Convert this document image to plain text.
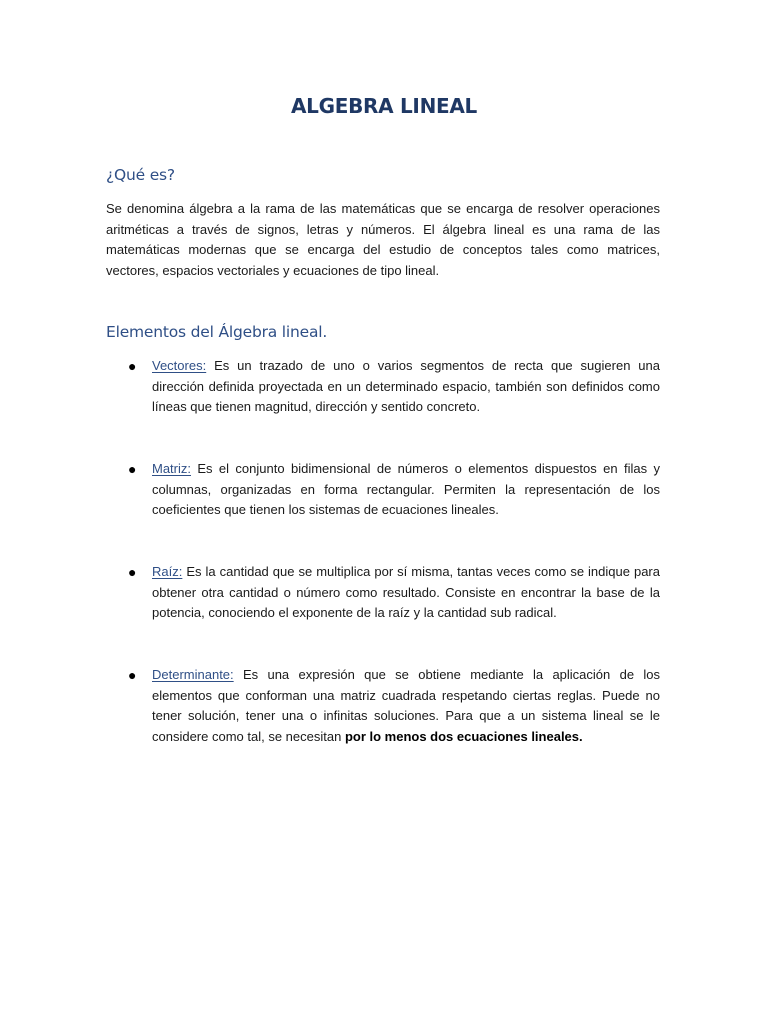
ALGEBRA LINEAL
¿Qué es?

Se denomina álgebra a la rama de las matemáticas que se encarga de resolver operaciones aritméticas a través de signos, letras y números. El álgebra lineal es una rama de las matemáticas modernas que se encarga del estudio de conceptos tales como matrices, vectores, espacios vectoriales y ecuaciones de tipo lineal.

Elementos del Álgebra lineal.
● Vectores: Es un trazado de uno o varios segmentos de recta que sugieren una dirección definida proyectada en un determinado espacio, también son definidos como líneas que tienen magnitud, dirección y sentido concreto.

● Matriz: Es el conjunto bidimensional de números o elementos dispuestos en filas y columnas, organizadas en forma rectangular. Permiten la representación de los coeficientes que tienen los sistemas de ecuaciones lineales.

● Raíz: Es la cantidad que se multiplica por sí misma, tantas veces como se indique para obtener otra cantidad o número como resultado. Consiste en encontrar la base de la potencia, conociendo el exponente de la raíz y la cantidad sub radical.

● Determinante: Es una expresión que se obtiene mediante la aplicación de los elementos que conforman una matriz cuadrada respetando ciertas reglas. Puede no tener solución, tener una o infinitas soluciones. Para que a un sistema lineal se le considere como tal, se necesitan por lo menos dos ecuaciones lineales.
